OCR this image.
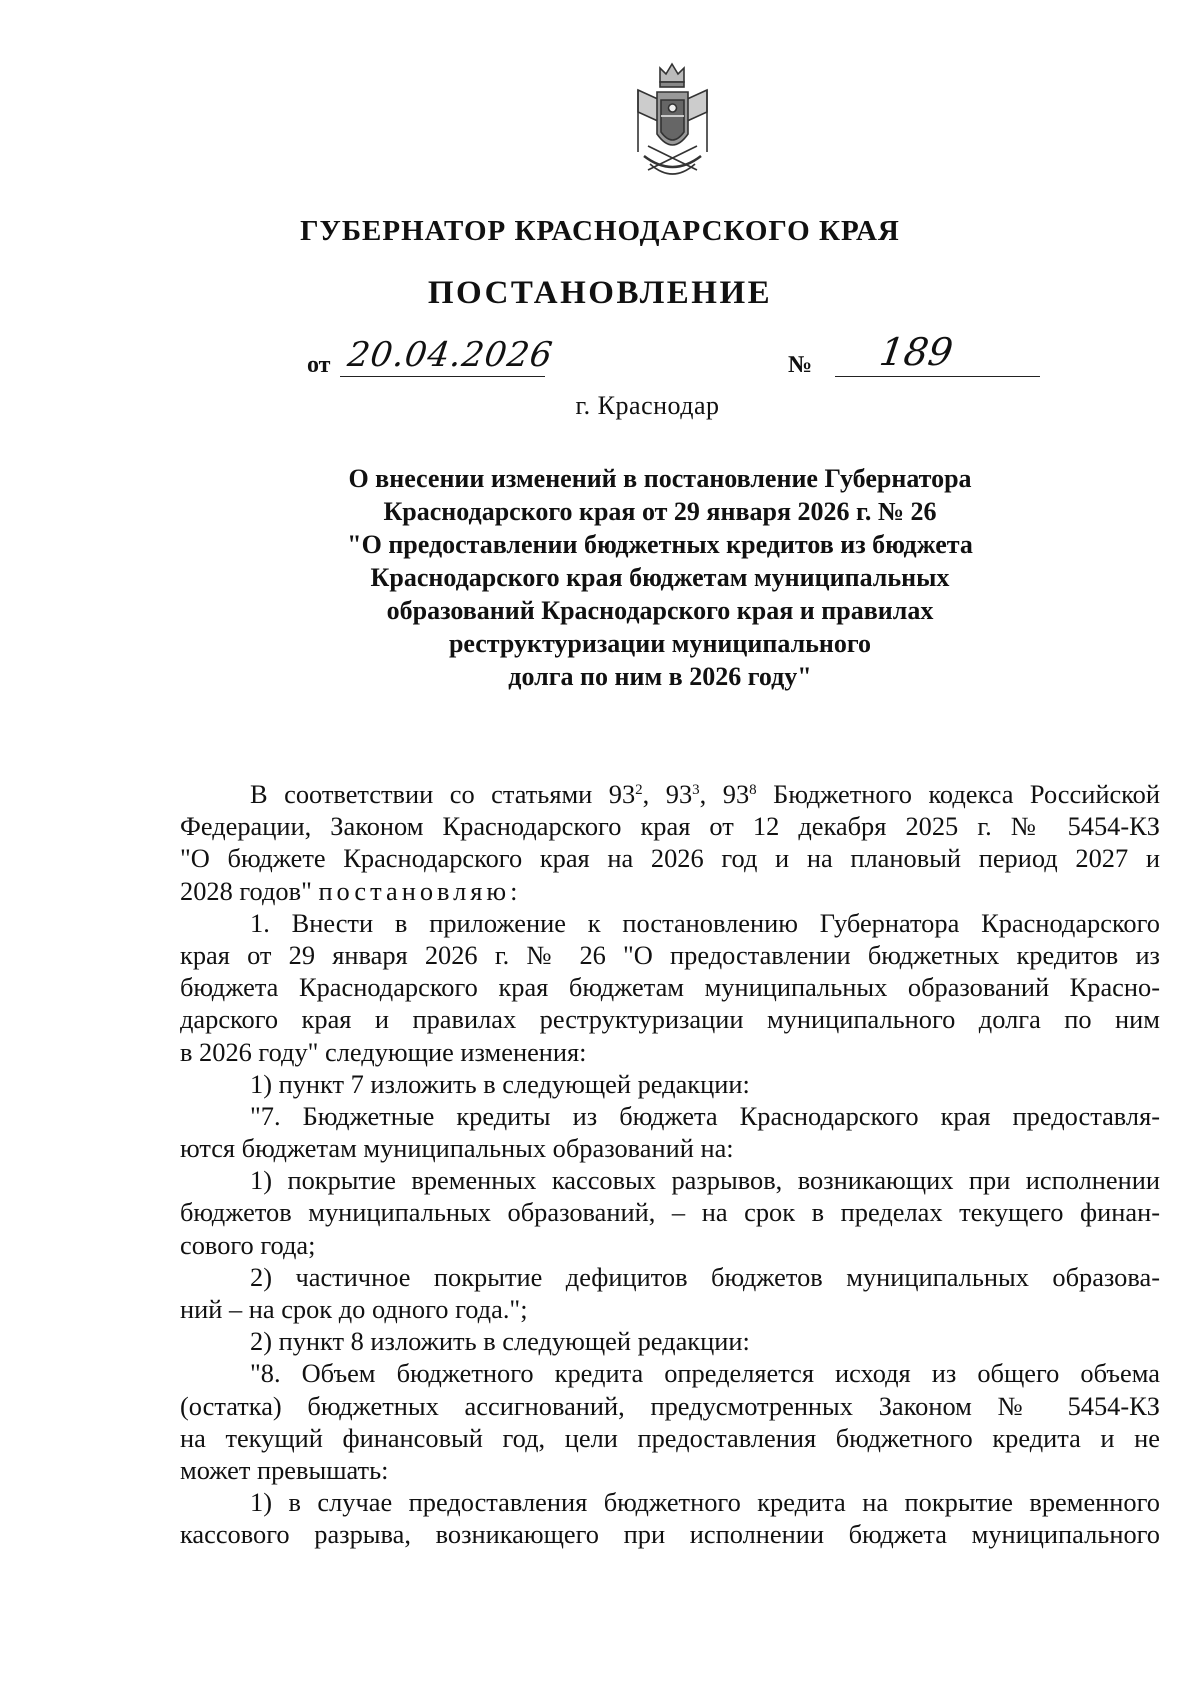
ГУБЕРНАТОР КРАСНОДАРСКОГО КРАЯ
ПОСТАНОВЛЕНИЕ
от 20.04.2026	№ 189
г. Краснодар
О внесении изменений в постановление Губернатора
Краснодарского края от 29 января 2026 г. № 26
"О предоставлении бюджетных кредитов из бюджета
Краснодарского края бюджетам муниципальных
образований Краснодарского края и правилах
реструктуризации муниципального
долга по ним в 2026 году"
В соответствии со статьями $93^2$, $93^3$, $93^8$ Бюджетного кодекса Российской
Федерации, Законом Краснодарского края от 12 декабря 2025 г. № 5454-КЗ
"О бюджете Краснодарского края на 2026 год и на плановый период 2027 и
2028 годов" постановляю:
1. Внести в приложение к постановлению Губернатора Краснодарского
края от 29 января 2026 г. № 26 "О предоставлении бюджетных кредитов из
бюджета Краснодарского края бюджетам муниципальных образований Красно-
дарского края и правилах реструктуризации муниципального долга по ним
в 2026 году" следующие изменения:
1) пункт 7 изложить в следующей редакции:
"7. Бюджетные кредиты из бюджета Краснодарского края предоставля-
ются бюджетам муниципальных образований на:
1) покрытие временных кассовых разрывов, возникающих при исполнении
бюджетов муниципальных образований, – на срок в пределах текущего финан-
сового года;
2) частичное покрытие дефицитов бюджетов муниципальных образова-
ний – на срок до одного года.";
2) пункт 8 изложить в следующей редакции:
"8. Объем бюджетного кредита определяется исходя из общего объема
(остатка) бюджетных ассигнований, предусмотренных Законом № 5454-КЗ
на текущий финансовый год, цели предоставления бюджетного кредита и не
может превышать:
1) в случае предоставления бюджетного кредита на покрытие временного
кассового разрыва, возникающего при исполнении бюджета муниципального
